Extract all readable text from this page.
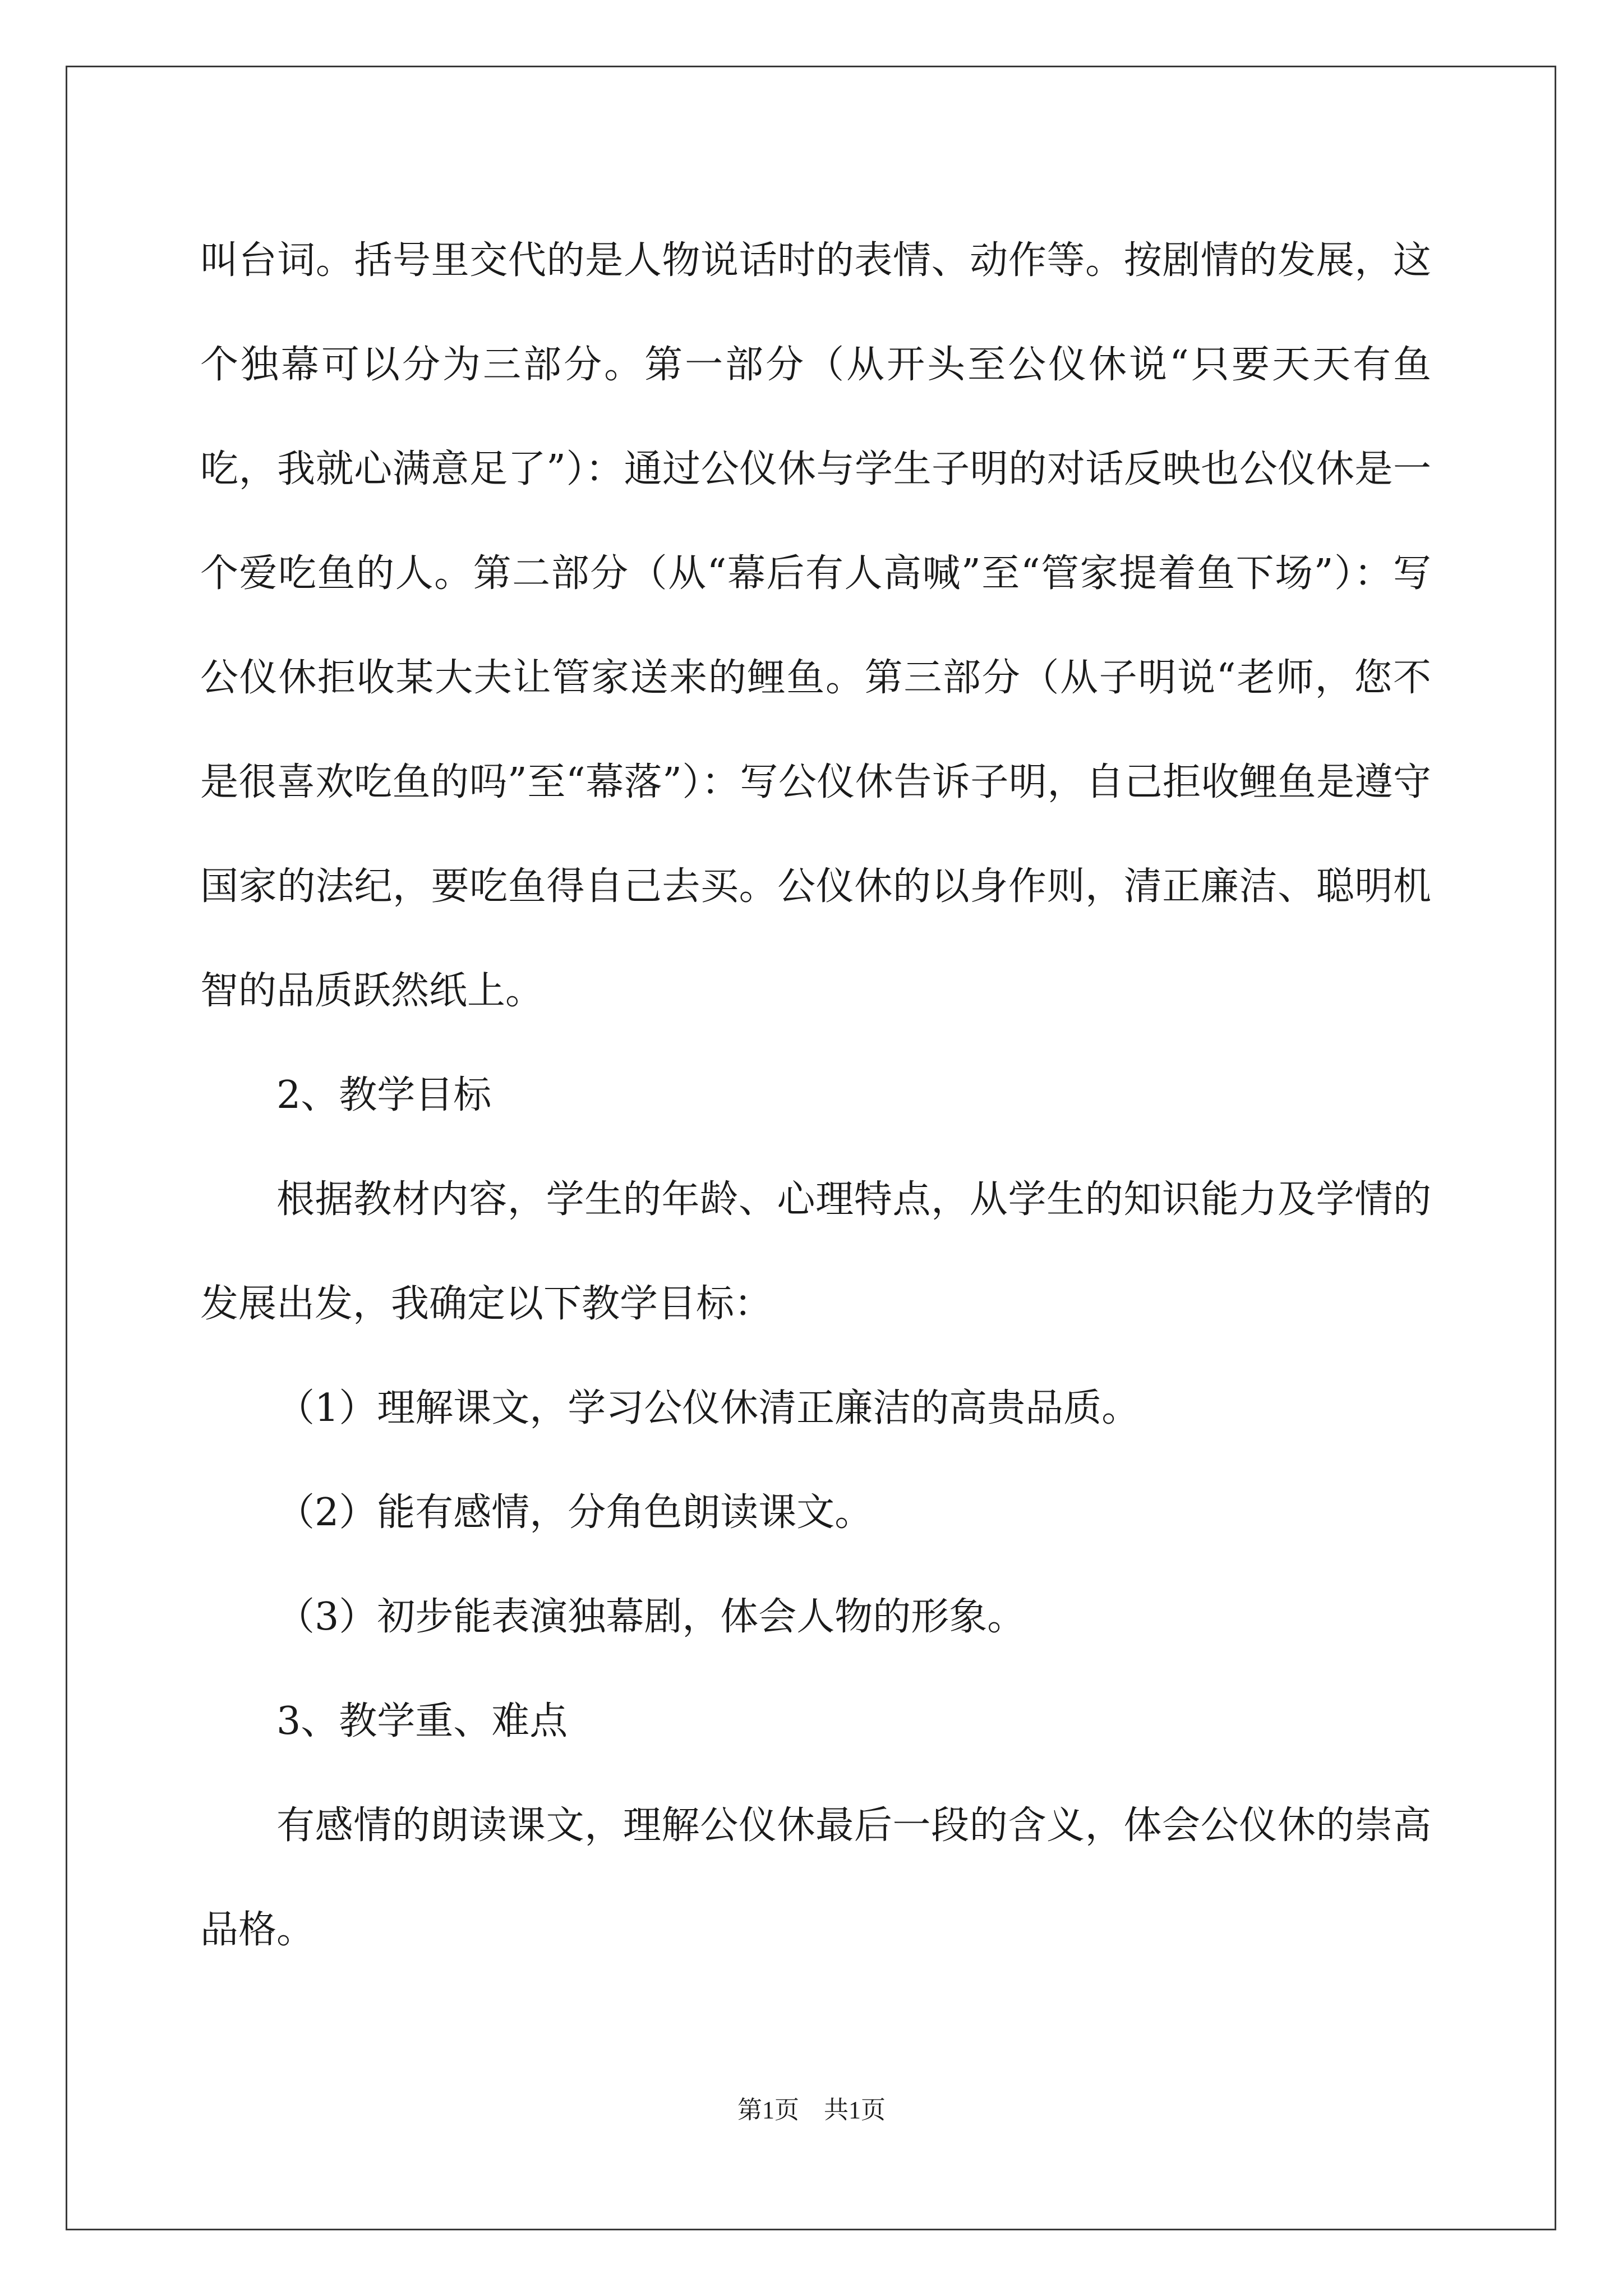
叫台词。括号里交代的是人物说话时的表情、动作等。按剧情的发展，这个独幕可以分为三部分。第一部分（从开头至公仪休说“只要天天有鱼吃，我就心满意足了”）：通过公仪休与学生子明的对话反映也公仪休是一个爱吃鱼的人。第二部分（从“幕后有人高喊”至“管家提着鱼下场”）：写公仪休拒收某大夫让管家送来的鲤鱼。第三部分（从子明说“老师，您不是很喜欢吃鱼的吗”至“幕落”）：写公仪休告诉子明，自己拒收鲤鱼是遵守国家的法纪，要吃鱼得自己去买。公仪休的以身作则，清正廉洁、聪明机智的品质跃然纸上。

2、教学目标

根据教材内容，学生的年龄、心理特点，从学生的知识能力及学情的发展出发，我确定以下教学目标：

（1）理解课文，学习公仪休清正廉洁的高贵品质。

（2）能有感情，分角色朗读课文。

（3）初步能表演独幕剧，体会人物的形象。

3、教学重、难点

有感情的朗读课文，理解公仪休最后一段的含义，体会公仪休的崇高品格。

第1页　共1页
